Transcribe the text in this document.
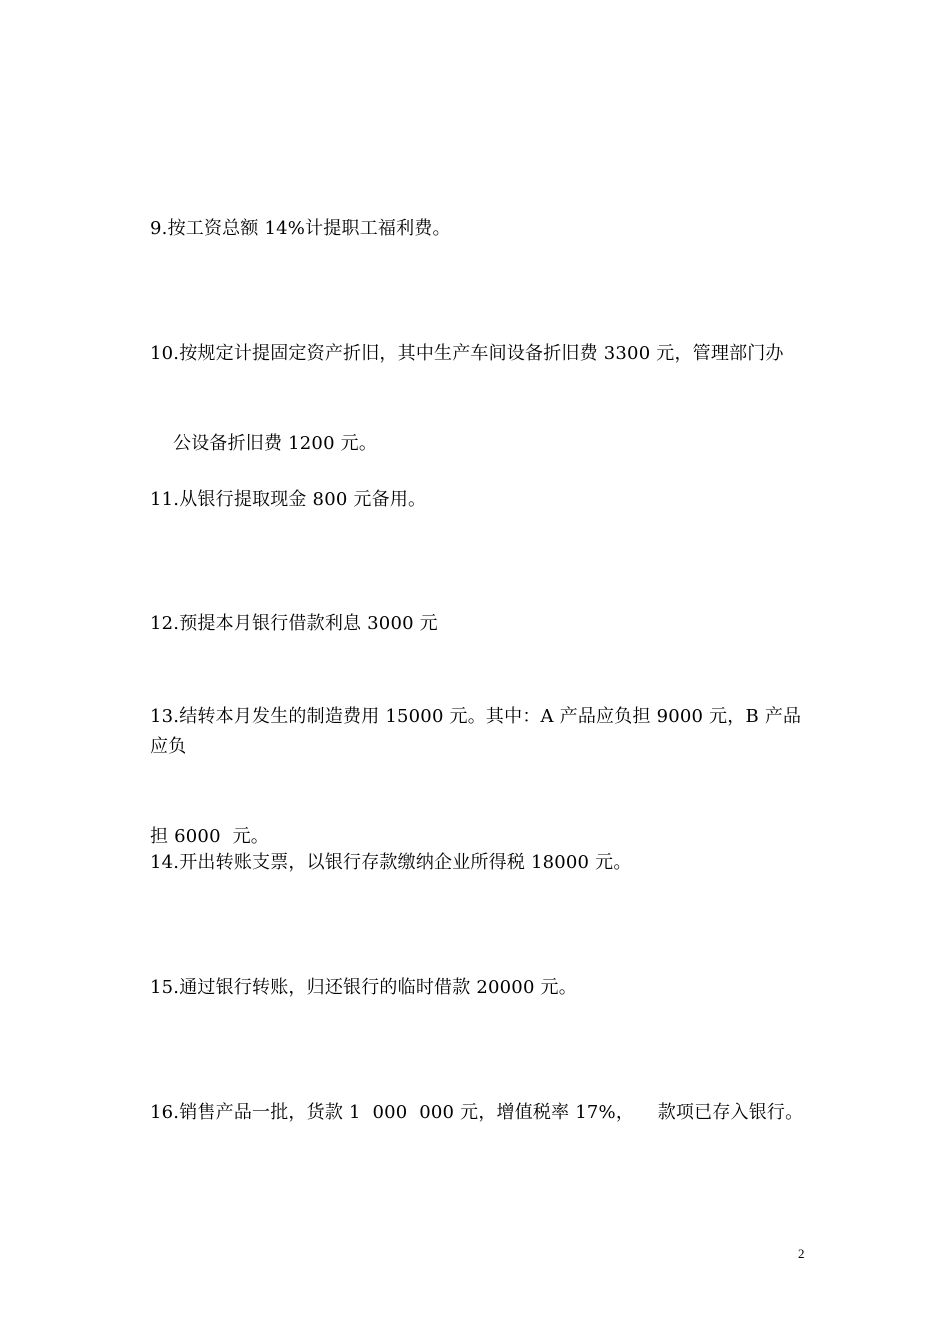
9.按工资总额 14%计提职工福利费。

10.按规定计提固定资产折旧，其中生产车间设备折旧费 3300 元，管理部门办

公设备折旧费 1200 元。

11.从银行提取现金 800 元备用。

12.预提本月银行借款利息 3000 元

13.结转本月发生的制造费用 15000 元。其中：A 产品应负担 9000 元，B 产品应负

担 6000  元。

14.开出转账支票，以银行存款缴纳企业所得税 18000 元。

15.通过银行转账，归还银行的临时借款 20000 元。

16.销售产品一批，货款 1  000  000 元，增值税率 17%，    款项已存入银行。

2
